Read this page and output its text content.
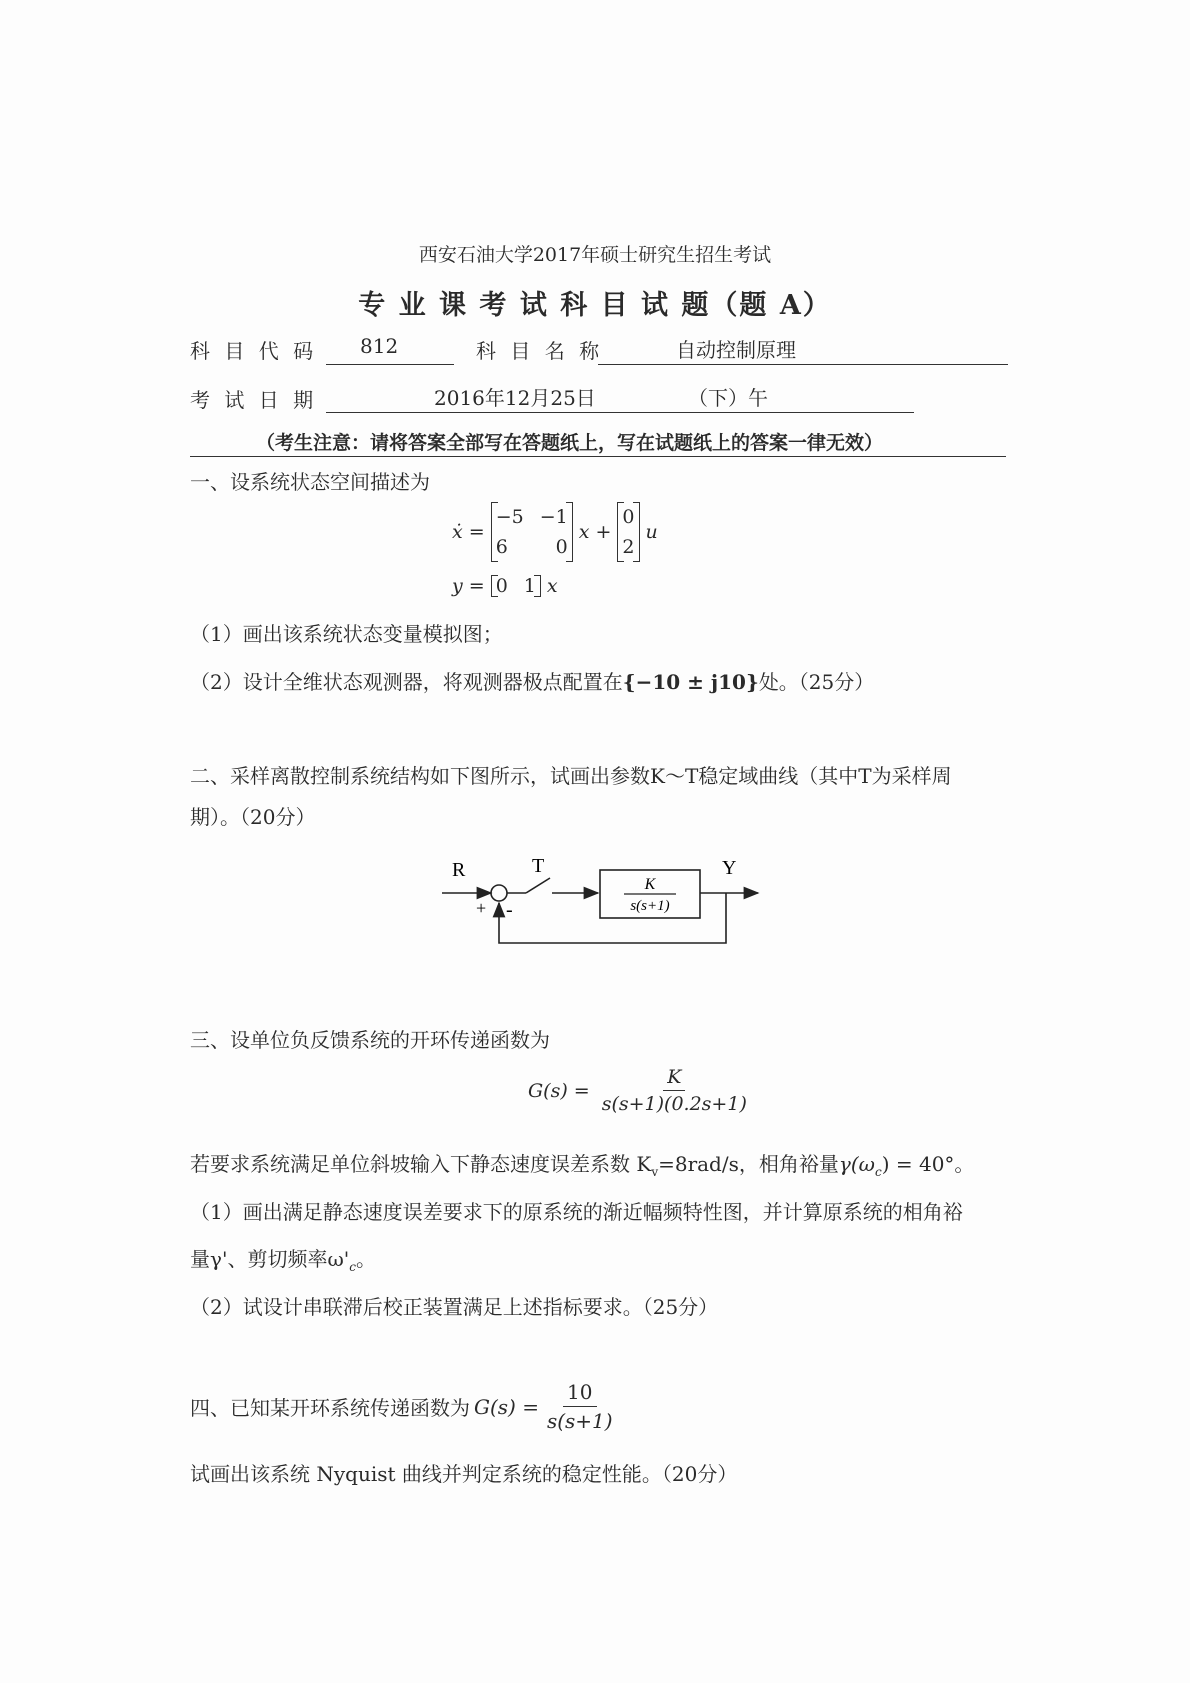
西安石油大学2017年硕士研究生招生考试
专 业 课 考 试 科 目 试 题（题 A）
科 目 代 码 812	科 目 名 称	自动控制原理
考 试 日 期	2016年12月25日	（下）午
（考生注意：请将答案全部写在答题纸上，写在试题纸上的答案一律无效）
一、设系统状态空间描述为
ẋ =
−5 −1
6	0
x +
0
2
u
y = 0 1 x
（1）画出该系统状态变量模拟图；
（2）设计全维状态观测器，将观测器极点配置在{−10 ± j10}处。（25分）
二、采样离散控制系统结构如下图所示，试画出参数K～T稳定域曲线（其中T为采样周
期）。（20分）
R
+ -
T
K
s(s+1)
Y
三、设单位负反馈系统的开环传递函数为
$G(s) = \frac{K}{s(s+1)(0.2s+1)}$
若要求系统满足单位斜坡输入下静态速度误差系数 $K_v=8rad/s$，相角裕量$\gamma(\omega_c) = 40^\circ$。
（1）画出满足静态速度误差要求下的原系统的渐近幅频特性图，并计算原系统的相角裕
量γ'、剪切频率$\omega'_c$。
（2）试设计串联滞后校正装置满足上述指标要求。（25分）
四、已知某开环系统传递函数为 $G(s) = \frac{10}{s(s+1)}$
试画出该系统 Nyquist 曲线并判定系统的稳定性能。（20分）
